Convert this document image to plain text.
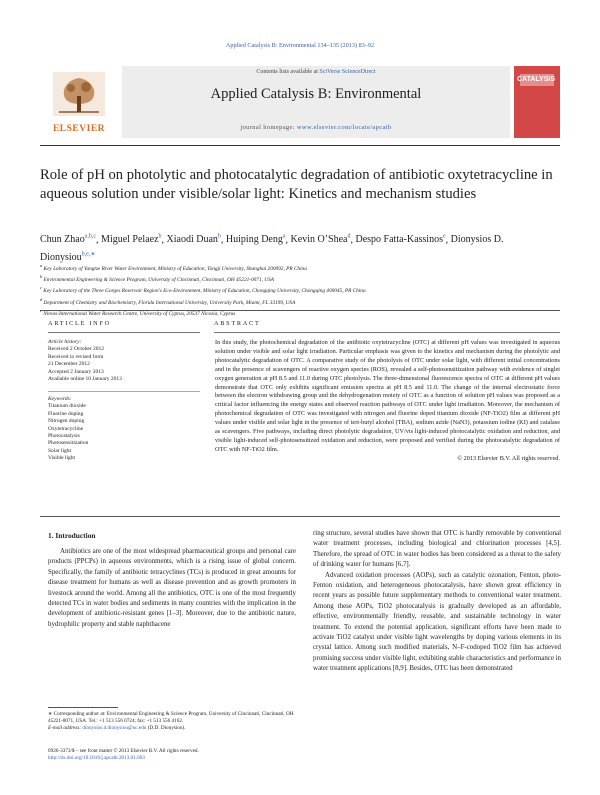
Applied Catalysis B: Environmental 134–135 (2013) 83–92
ELSEVIER
Contents lists available at SciVerse ScienceDirect
Applied Catalysis B: Environmental
journal homepage: www.elsevier.com/locate/apcatb
CATALYSIS
Role of pH on photolytic and photocatalytic degradation of antibiotic oxytetracycline in aqueous solution under visible/solar light: Kinetics and mechanism studies
Chun Zhao$^{a,b,c}$, Miguel Pelaez$^b$, Xiaodi Duan$^b$, Huiping Deng$^a$, Kevin O’Shea$^d$, Despo Fatta-Kassinos$^e$, Dionysios D. Dionysiou$^{b,e,∗}$
$^a$ Key Laboratory of Yangtze River Water Environment, Ministry of Education, Tongji University, Shanghai 200092, PR China
$^b$ Environmental Engineering & Science Program, University of Cincinnati, Cincinnati, OH 45221-0071, USA
$^c$ Key Laboratory of the Three Gorges Reservoir Region's Eco-Environment, Ministry of Education, Chongqing University, Chongqing 400045, PR China
$^d$ Department of Chemistry and Biochemistry, Florida International University, University Park, Miami, FL 33199, USA
$^e$ Nireas-International Water Research Centre, University of Cyprus, 20537 Nicosia, Cyprus
ARTICLE INFO	ABSTRACT
Article history:
Received 2 October 2012
Received in revised form
21 December 2012
Accepted 2 January 2013
Available online 10 January 2013
Keywords:
Titanium dioxide
Fluorine doping
Nitrogen doping
Oxytetracycline
Photocatalysis
Photosensitization
Solar light
Visible light
In this study, the photochemical degradation of the antibiotic oxytetracycline (OTC) at different pH values was investigated in aqueous solution under visible and solar light irradiation. Particular emphasis was given to the kinetics and mechanism during the photolytic and photocatalytic degradation of OTC. A comparative study of the photolysis of OTC under solar light, with different initial concentrations and in the presence of scavengers of reactive oxygen species (ROS), revealed a self-photosensitization pathway with evidence of singlet oxygen generation at pH 8.5 and 11.0 during OTC photolysis. The three-dimensional fluorescence spectra of OTC at different pH values demonstrate that OTC only exhibits significant emission spectra at pH 8.5 and 11.0. The change of the internal electrostatic force between the electron withdrawing group and the dehydrogenation moiety of OTC as a function of solution pH values was proposed as a critical factor influencing the energy states and observed reaction pathways of OTC under light irradiation. Moreover, the mechanism of photochemical degradation of OTC was investigated with nitrogen and fluorine doped titanium dioxide (NF-TiO2) film at different pH values under visible and solar light in the presence of tert-butyl alcohol (TBA), sodium azide (NaN3), potassium iodine (KI) and catalase as scavengers. Five pathways, including direct photolytic degradation, UV/vis light-induced photocatalytic oxidation and reduction, and visible light-induced self-photosensitized oxidation and reduction, were proposed and verified during the photocatalytic degradation of OTC with NF-TiO2 film.
© 2013 Elsevier B.V. All rights reserved.
1. Introduction
Antibiotics are one of the most widespread pharmaceutical groups and personal care products (PPCPs) in aqueous environments, which is a rising issue of global concern. Specifically, the family of antibiotic tetracyclines (TCs) is produced in great amounts for disease treatment for humans as well as disease prevention and as growth promoters in livestock around the world. Among all the antibiotics, OTC is one of the most frequently detected TCs in water bodies and sediments in many countries with the implication in the development of antibiotic-resistant genes [1–3]. Moreover, due to the antibiotic nature, hydrophilic property and stable naphthacene
ring structure, several studies have shown that OTC is hardly removable by conventional water treatment processes, including biological and chlorination processes [4,5]. Therefore, the spread of OTC in water bodies has been considered as a threat to the safety of drinking water for humans [6,7].
Advanced oxidation processes (AOPs), such as catalytic ozonation, Fenton, photo-Fenton oxidation, and heterogeneous photocatalysis, have shown great efficiency in recent years as possible future supplementary methods to conventional water treatment. Among these AOPs, TiO2 photocatalysis is gradually developed as an affordable, effective, environmentally friendly, reusable, and sustainable technology in water treatment. To extend the potential application, significant efforts have been made to activate TiO2 catalyst under visible light wavelengths by doping various elements in its crystal lattice. Among such modified materials, N–F-codoped TiO2 film has achieved promising success under visible light, exhibiting stable characteristics and performance in water treatment applications [8,9]. Besides, OTC has been demonstrated
∗ Corresponding author at: Environmental Engineering & Science Program, University of Cincinnati, Cincinnati, OH 45221-0071, USA. Tel.: +1 513 556 0724; fax: +1 513 556 4162.
E-mail address: dionysios.d.dionysiou@uc.edu (D.D. Dionysiou).
0926-3373/$ – see front matter © 2013 Elsevier B.V. All rights reserved.
http://dx.doi.org/10.1016/j.apcatb.2013.01.003
